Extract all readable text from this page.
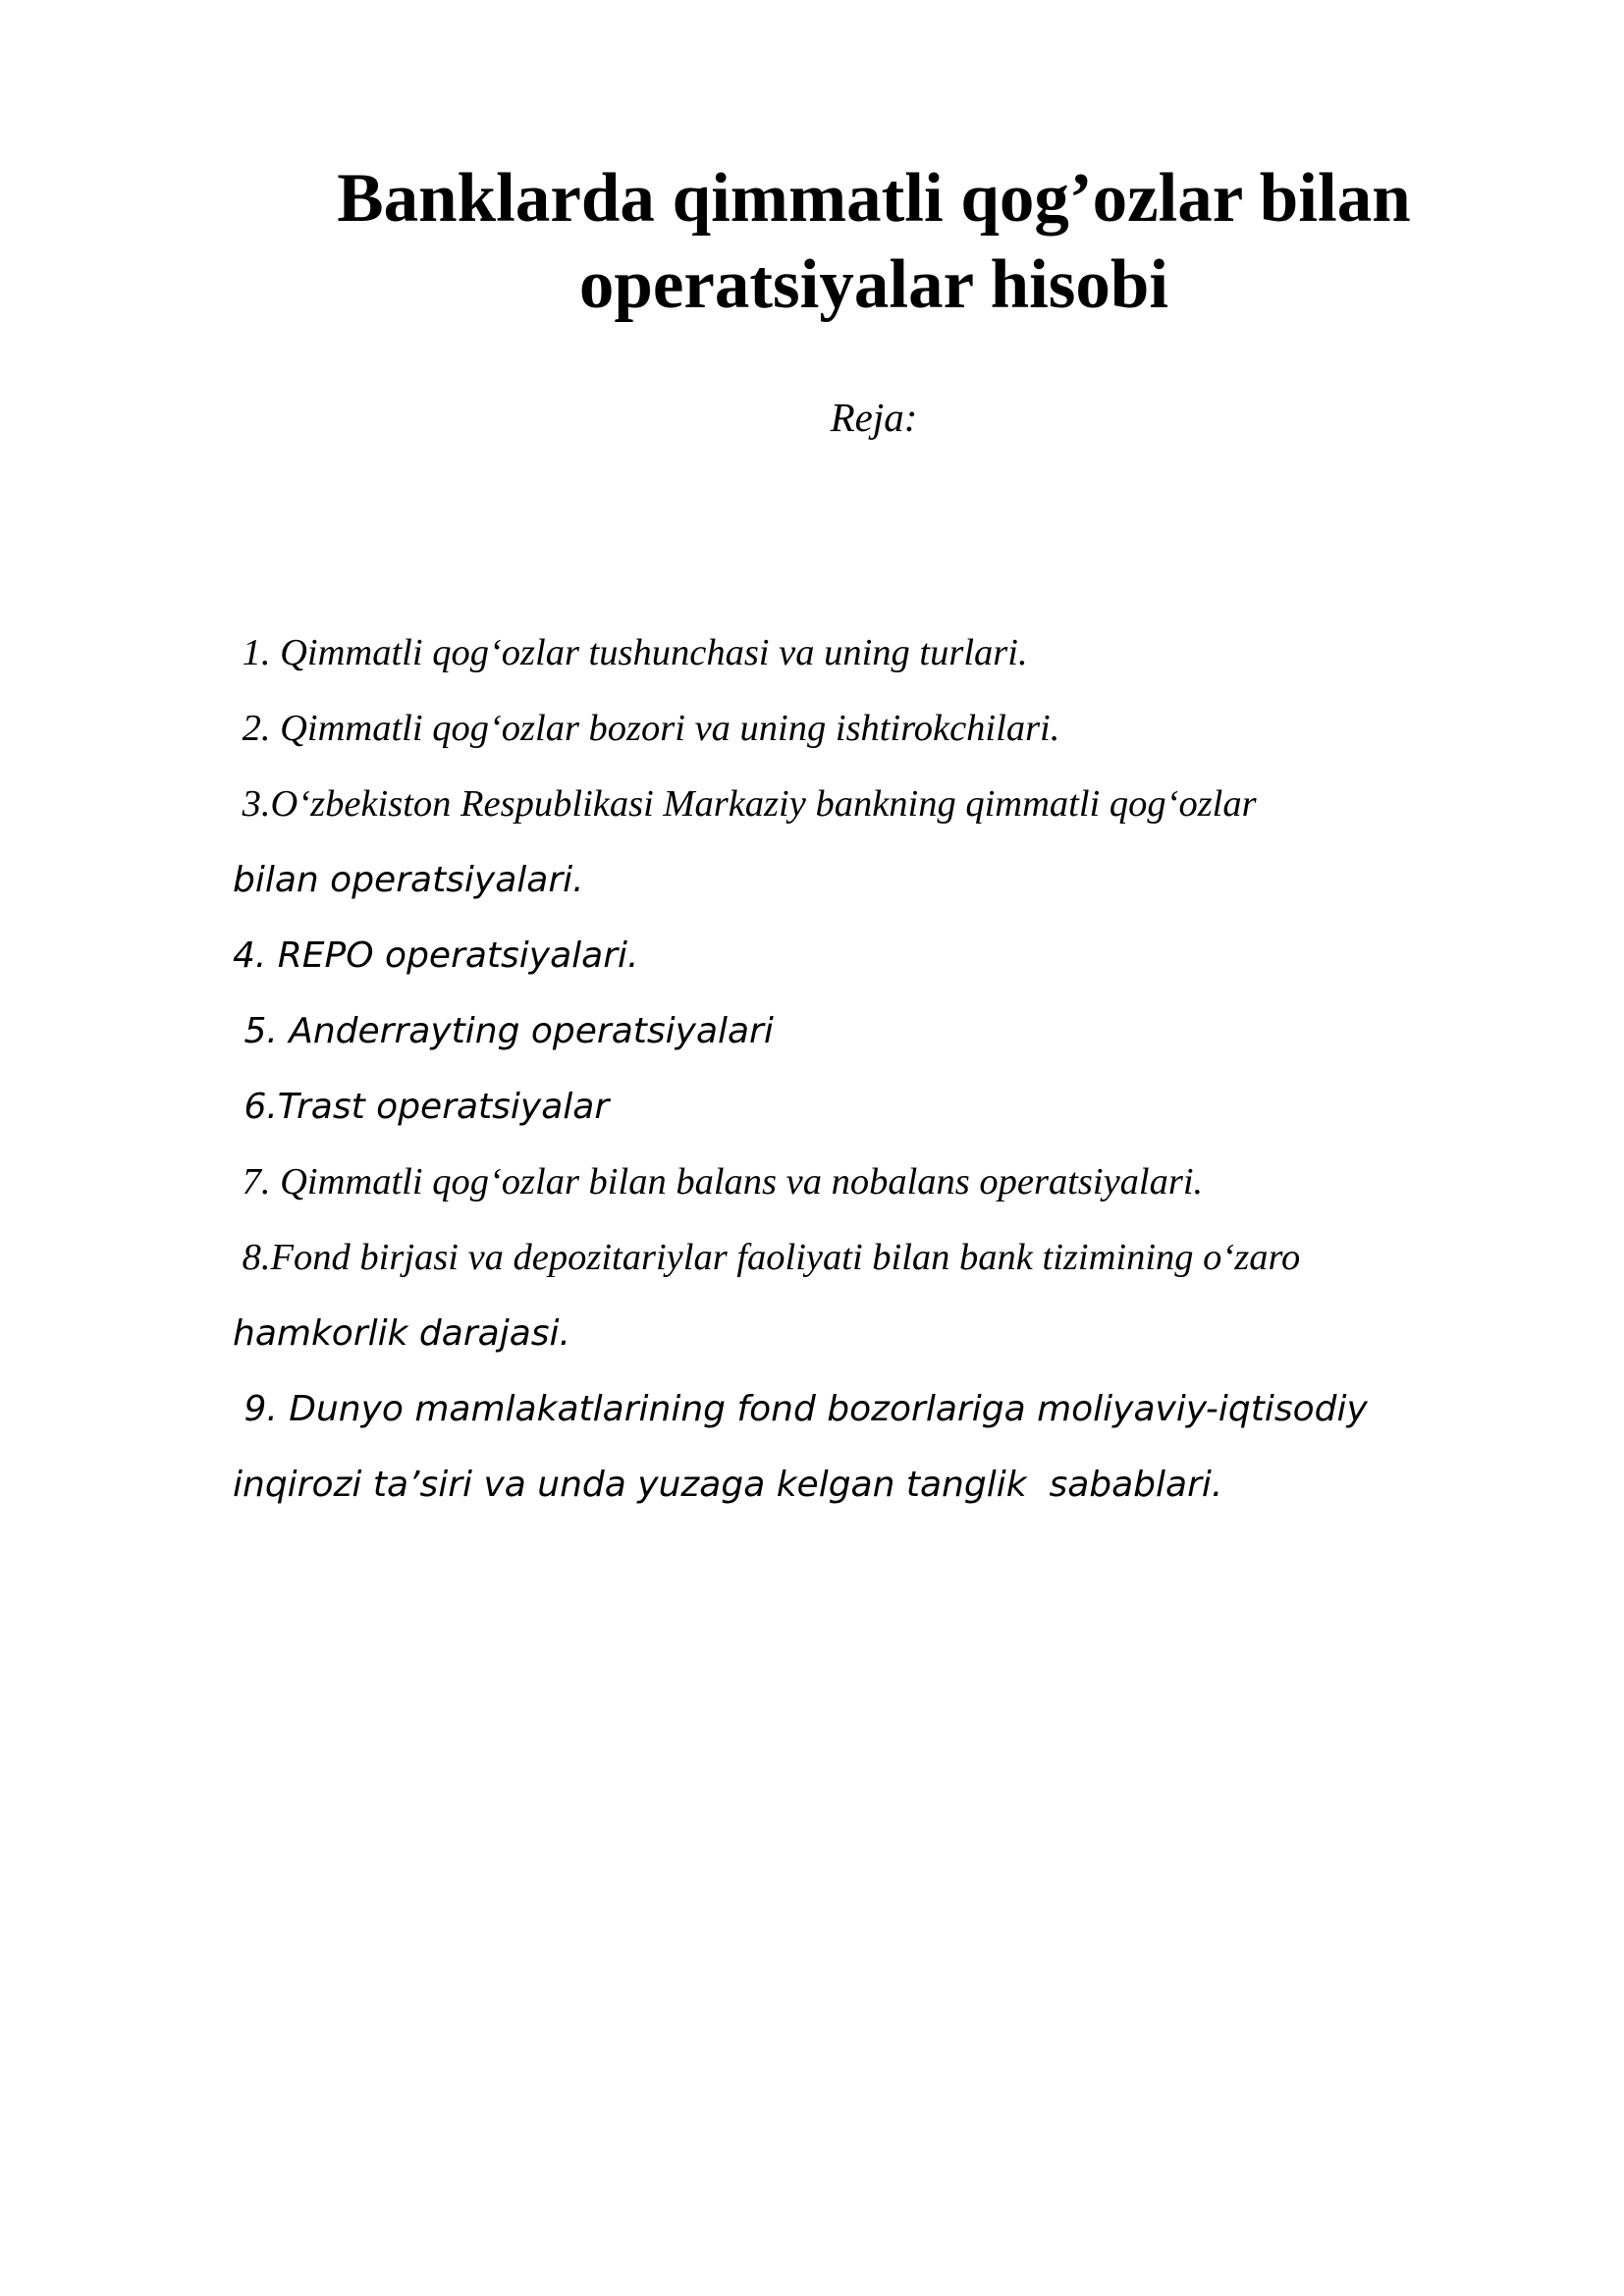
Banklarda qimmatli qog’ozlar bilan
operatsiyalar hisobi

Reja:

1. Qimmatli qog‘ozlar tushunchasi va uning turlari.
2. Qimmatli qog‘ozlar bozori va uning ishtirokchilari.
3.O‘zbekiston Respublikasi Markaziy bankning qimmatli qog‘ozlar
bilan operatsiyalari.
4. REPO operatsiyalari.
5. Anderrayting operatsiyalari
6.Trast operatsiyalar
7. Qimmatli qog‘ozlar bilan balans va nobalans operatsiyalari.
8.Fond birjasi va depozitariylar faoliyati bilan bank tizimining o‘zaro
hamkorlik darajasi.
9. Dunyo mamlakatlarining fond bozorlariga moliyaviy-iqtisodiy
inqirozi ta’siri va unda yuzaga kelgan tanglik  sabablari.
